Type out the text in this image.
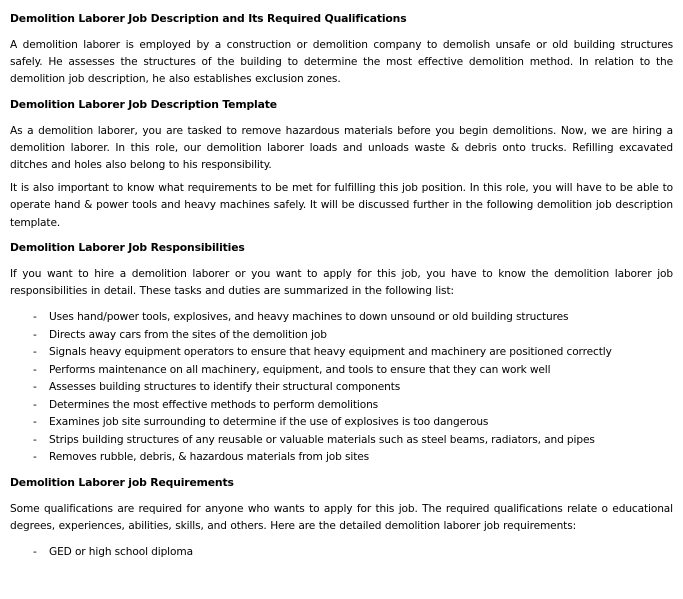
Demolition Laborer Job Description and Its Required Qualifications

A demolition laborer is employed by a construction or demolition company to demolish unsafe or old building structures safely. He assesses the structures of the building to determine the most effective demolition method. In relation to the demolition job description, he also establishes exclusion zones.

Demolition Laborer Job Description Template

As a demolition laborer, you are tasked to remove hazardous materials before you begin demolitions. Now, we are hiring a demolition laborer. In this role, our demolition laborer loads and unloads waste & debris onto trucks. Refilling excavated ditches and holes also belong to his responsibility.

It is also important to know what requirements to be met for fulfilling this job position. In this role, you will have to be able to operate hand & power tools and heavy machines safely. It will be discussed further in the following demolition job description template.

Demolition Laborer Job Responsibilities

If you want to hire a demolition laborer or you want to apply for this job, you have to know the demolition laborer job responsibilities in detail. These tasks and duties are summarized in the following list:

- Uses hand/power tools, explosives, and heavy machines to down unsound or old building structures
- Directs away cars from the sites of the demolition job
- Signals heavy equipment operators to ensure that heavy equipment and machinery are positioned correctly
- Performs maintenance on all machinery, equipment, and tools to ensure that they can work well
- Assesses building structures to identify their structural components
- Determines the most effective methods to perform demolitions
- Examines job site surrounding to determine if the use of explosives is too dangerous
- Strips building structures of any reusable or valuable materials such as steel beams, radiators, and pipes
- Removes rubble, debris, & hazardous materials from job sites
Demolition Laborer job Requirements

Some qualifications are required for anyone who wants to apply for this job. The required qualifications relate o educational degrees, experiences, abilities, skills, and others. Here are the detailed demolition laborer job requirements:

- GED or high school diploma
